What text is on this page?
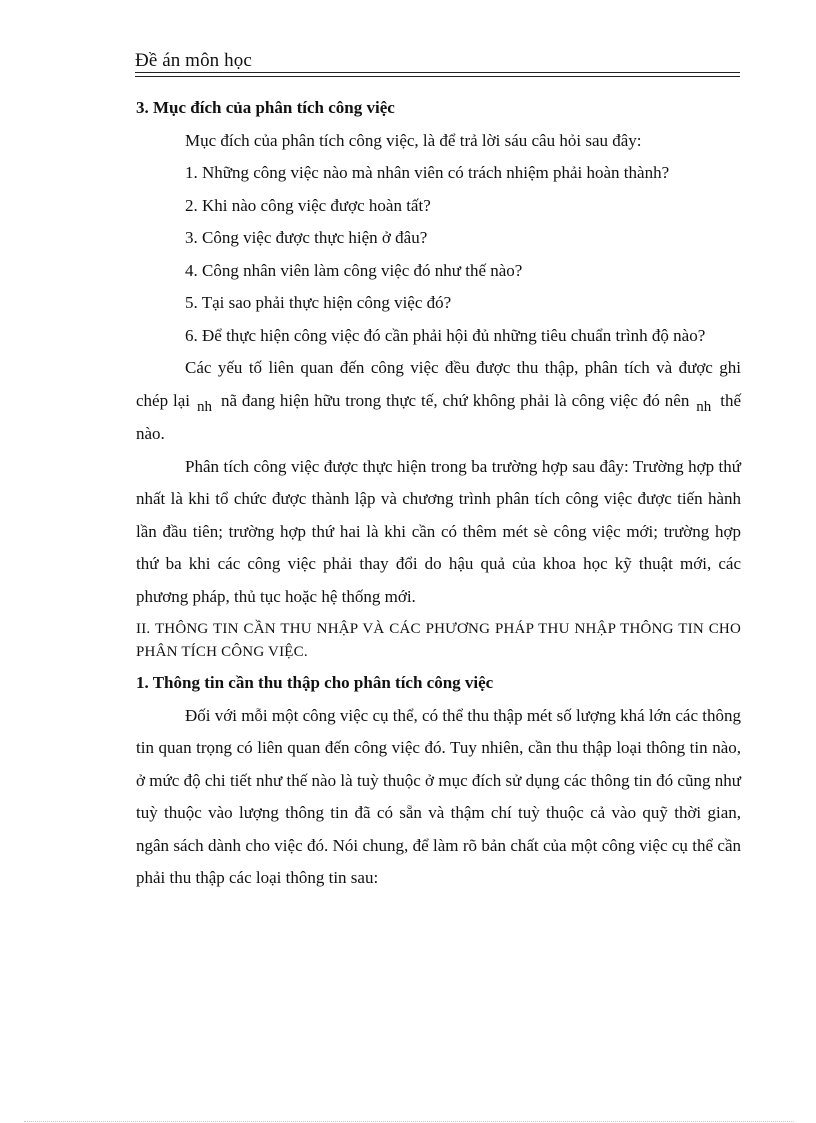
Đề án môn học

3. Mục đích của phân tích công việc

Mục đích của phân tích công việc, là để trả lời sáu câu hỏi sau đây:

1. Những công việc nào mà nhân viên có trách nhiệm phải hoàn thành?

2. Khi nào công việc được hoàn tất?

3. Công việc được thực hiện ở đâu?

4. Công nhân viên làm công việc đó như thế nào?

5. Tại sao phải thực hiện công việc đó?

6. Để thực hiện công việc đó cần phải hội đủ những tiêu chuẩn trình độ nào?

Các yếu tố liên quan đến công việc đều được thu thập, phân tích và được ghi chép lại nh nã đang hiện hữu trong thực tế, chứ không phải là công việc đó nên nh thế nào.

Phân tích công việc được thực hiện trong ba trường hợp sau đây: Trường hợp thứ nhất là khi tổ chức được thành lập và chương trình phân tích công việc được tiến hành lần đầu tiên; trường hợp thứ hai là khi cần có thêm mét sè công việc mới; trường hợp thứ ba khi các công việc phải thay đổi do hậu quả của khoa học kỹ thuật mới, các phương pháp, thủ tục hoặc hệ thống mới.

II. THÔNG TIN CẦN THU NHẬP VÀ CÁC PHƯƠNG PHÁP THU NHẬP THÔNG TIN CHO PHÂN TÍCH CÔNG VIỆC.

1. Thông tin cần thu thập cho phân tích công việc

Đối với mỗi một công việc cụ thể, có thể thu thập mét số lượng khá lớn các thông tin quan trọng có liên quan đến công việc đó. Tuy nhiên, cần thu thập loại thông tin nào, ở mức độ chi tiết như thế nào là tuỳ thuộc ở mục đích sử dụng các thông tin đó cũng như tuỳ thuộc vào lượng thông tin đã có sẵn và thậm chí tuỳ thuộc cả vào quỹ thời gian, ngân sách dành cho việc đó. Nói chung, để làm rõ bản chất của một công việc cụ thể cần phải thu thập các loại thông tin sau:
